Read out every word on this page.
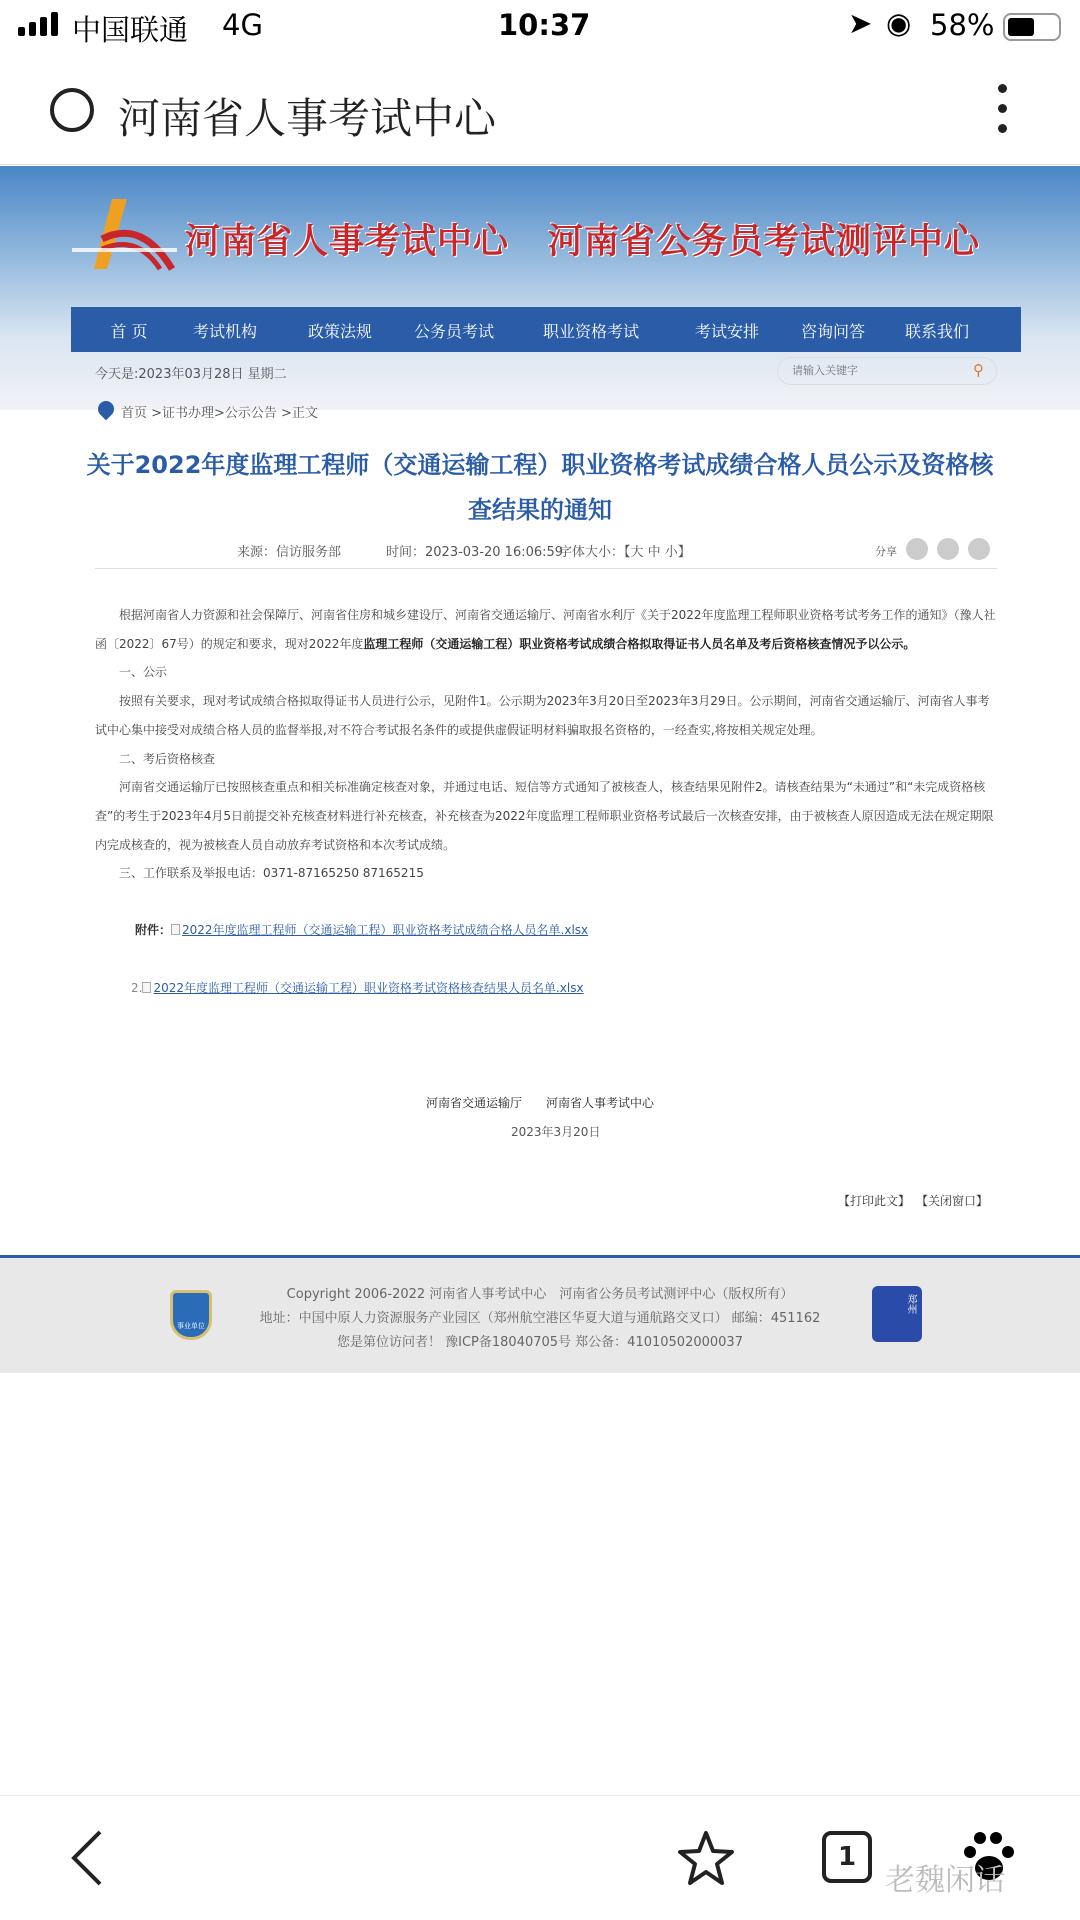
中国联通 4G	10:37	➤ ◉ 58%
河南省人事考试中心
河南省人事考试中心 河南省公务员考试测评中心
首 页	考试机构	政策法规	公务员考试	职业资格考试	考试安排	咨询问答 联系我们
今天是:2023年03月28日 星期二
请输入关键字	⚲
首页 >证书办理>公示公告 >正文
关于2022年度监理工程师（交通运输工程）职业资格考试成绩合格人员公示及资格核
查结果的通知
来源：信访服务部	时间：2023-03-20 16:06:59
字体大小：【大 中 小】	分享

根据河南省人力资源和社会保障厅、河南省住房和城乡建设厅、河南省交通运输厅、河南省水利厅《关于2022年度监理工程师职业资格考试考务工作的通知》（豫人社函〔2022〕67号）的规定和要求，现对2022年度监理工程师（交通运输工程）职业资格考试成绩合格拟取得证书人员名单及考后资格核查情况予以公示。

一、公示

按照有关要求，现对考试成绩合格拟取得证书人员进行公示，见附件1。公示期为2023年3月20日至2023年3月29日。公示期间，河南省交通运输厅、河南省人事考试中心集中接受对成绩合格人员的监督举报,对不符合考试报名条件的或提供虚假证明材料骗取报名资格的，一经查实,将按相关规定处理。

二、考后资格核查

河南省交通运输厅已按照核查重点和相关标准确定核查对象，并通过电话、短信等方式通知了被核查人，核查结果见附件2。请核查结果为“未通过”和“未完成资格核查”的考生于2023年4月5日前提交补充核查材料进行补充核查，补充核查为2022年度监理工程师职业资格考试最后一次核查安排，由于被核查人原因造成无法在规定期限内完成核查的，视为被核查人员自动放弃考试资格和本次考试成绩。

三、工作联系及举报电话：0371-87165250 87165215

附件： 2022年度监理工程师（交通运输工程）职业资格考试成绩合格人员名单.xlsx
2. 2022年度监理工程师（交通运输工程）职业资格考试资格核查结果人员名单.xlsx
河南省交通运输厅　　河南省人事考试中心
2023年3月20日
【打印此文】 【关闭窗口】
事业单位
Copyright 2006-2022 河南省人事考试中心　河南省公务员考试测评中心（版权所有）
地址：中国中原人力资源服务产业园区（郑州航空港区华夏大道与通航路交叉口） 邮编：451162
您是第位访问者！ 豫ICP备18040705号 郑公备：41010502000037
郑州
1
老魏闲话
